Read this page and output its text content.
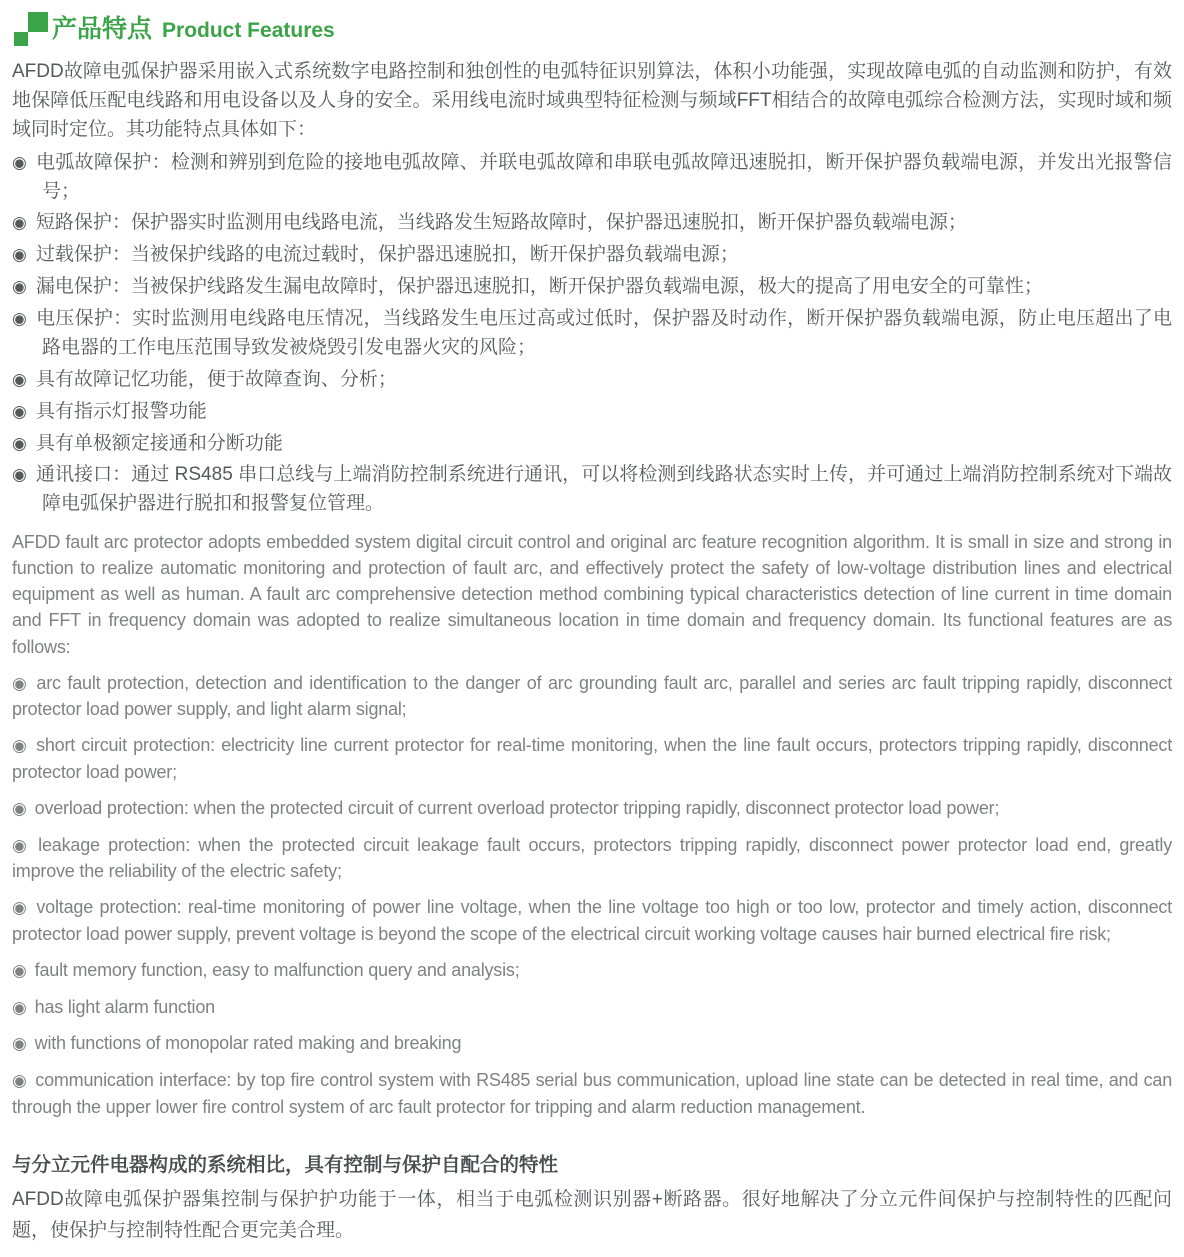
产品特点 Product Features

AFDD故障电弧保护器采用嵌入式系统数字电路控制和独创性的电弧特征识别算法，体积小功能强，实现故障电弧的自动监测和防护，有效地保障低压配电线路和用电设备以及人身的安全。采用线电流时域典型特征检测与频域FFT相结合的故障电弧综合检测方法，实现时域和频域同时定位。其功能特点具体如下：

◉ 电弧故障保护：检测和辨别到危险的接地电弧故障、并联电弧故障和串联电弧故障迅速脱扣，断开保护器负载端电源，并发出光报警信号；
◉ 短路保护：保护器实时监测用电线路电流，当线路发生短路故障时，保护器迅速脱扣，断开保护器负载端电源；
◉ 过载保护：当被保护线路的电流过载时，保护器迅速脱扣，断开保护器负载端电源；
◉ 漏电保护：当被保护线路发生漏电故障时，保护器迅速脱扣，断开保护器负载端电源，极大的提高了用电安全的可靠性；
◉ 电压保护：实时监测用电线路电压情况，当线路发生电压过高或过低时，保护器及时动作，断开保护器负载端电源，防止电压超出了电路电器的工作电压范围导致发被烧毁引发电器火灾的风险；
◉ 具有故障记忆功能，便于故障查询、分析；
◉ 具有指示灯报警功能
◉ 具有单极额定接通和分断功能
◉ 通讯接口：通过 RS485 串口总线与上端消防控制系统进行通讯，可以将检测到线路状态实时上传，并可通过上端消防控制系统对下端故障电弧保护器进行脱扣和报警复位管理。

AFDD fault arc protector adopts embedded system digital circuit control and original arc feature recognition algorithm. It is small in size and strong in function to realize automatic monitoring and protection of fault arc, and effectively protect the safety of low-voltage distribution lines and electrical equipment as well as human. A fault arc comprehensive detection method combining typical characteristics detection of line current in time domain and FFT in frequency domain was adopted to realize simultaneous location in time domain and frequency domain. Its functional features are as follows:

◉ arc fault protection, detection and identification to the danger of arc grounding fault arc, parallel and series arc fault tripping rapidly, disconnect protector load power supply, and light alarm signal;
◉ short circuit protection: electricity line current protector for real-time monitoring, when the line fault occurs, protectors tripping rapidly, disconnect protector load power;
◉ overload protection: when the protected circuit of current overload protector tripping rapidly, disconnect protector load power;
◉ leakage protection: when the protected circuit leakage fault occurs, protectors tripping rapidly, disconnect power protector load end, greatly improve the reliability of the electric safety;
◉ voltage protection: real-time monitoring of power line voltage, when the line voltage too high or too low, protector and timely action, disconnect protector load power supply, prevent voltage is beyond the scope of the electrical circuit working voltage causes hair burned electrical fire risk;
◉ fault memory function, easy to malfunction query and analysis;
◉ has light alarm function
◉ with functions of monopolar rated making and breaking
◉ communication interface: by top fire control system with RS485 serial bus communication, upload line state can be detected in real time, and can through the upper lower fire control system of arc fault protector for tripping and alarm reduction management.
与分立元件电器构成的系统相比，具有控制与保护自配合的特性

AFDD故障电弧保护器集控制与保护护功能于一体，相当于电弧检测识别器+断路器。很好地解决了分立元件间保护与控制特性的匹配问题，使保护与控制特性配合更完美合理。
